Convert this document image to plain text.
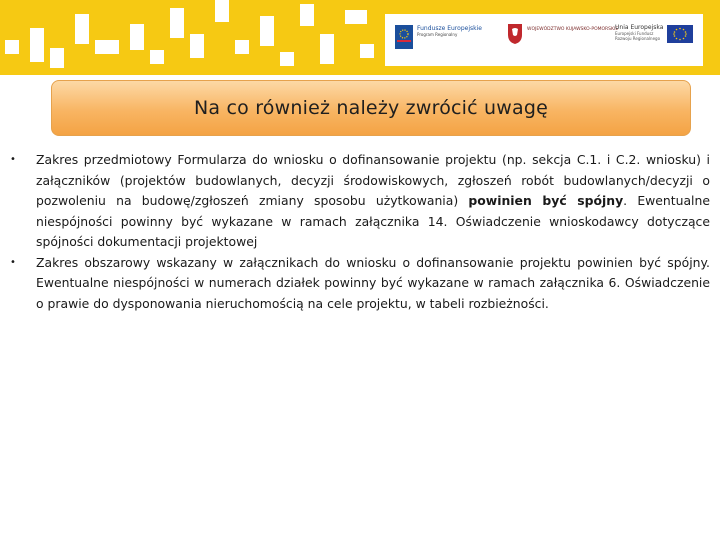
Fundusze Europejskie
Program Regionalny
WOJEWÓDZTWO KUJAWSKO-POMORSKIE
Unia Europejska
Europejski Fundusz Rozwoju Regionalnego
Na co również należy zwrócić uwagę
• Zakres przedmiotowy Formularza do wniosku o dofinansowanie projektu (np. sekcja C.1. i C.2. wniosku) i załączników (projektów budowlanych, decyzji środowiskowych, zgłoszeń robót budowlanych/decyzji o pozwoleniu na budowę/zgłoszeń zmiany sposobu użytkowania) powinien być spójny. Ewentualne niespójności powinny być wykazane w ramach załącznika 14. Oświadczenie wnioskodawcy dotyczące spójności dokumentacji projektowej
• Zakres obszarowy wskazany w załącznikach do wniosku o dofinansowanie projektu powinien być spójny. Ewentualne niespójności w numerach działek powinny być wykazane w ramach załącznika 6. Oświadczenie o prawie do dysponowania nieruchomością na cele projektu, w tabeli rozbieżności.
